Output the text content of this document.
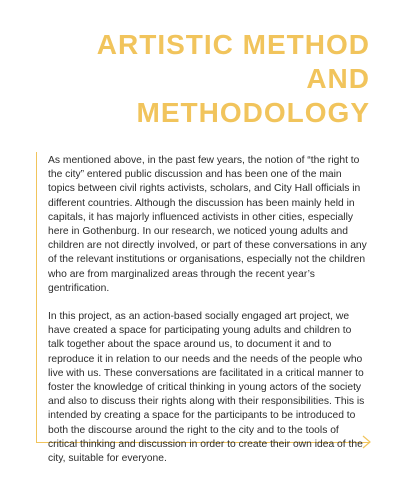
ARTISTIC METHOD
AND
METHODOLOGY

As mentioned above, in the past few years, the notion of “the right to the city” entered public discussion and has been one of the main topics between civil rights activists, scholars, and City Hall officials in different countries. Although the discussion has been mainly held in capitals, it has majorly influenced activists in other cities, especially here in Gothenburg. In our research, we noticed young adults and children are not directly involved, or part of these conversations in any of the relevant institutions or organisations, especially not the children who are from marginalized areas through the recent year’s gentrification.

In this project, as an action-based socially engaged art project, we have created a space for participating young adults and children to talk together about the space around us, to document it and to reproduce it in relation to our needs and the needs of the people who live with us. These conversations are facilitated in a critical manner to foster the knowledge of critical thinking in young actors of the society and also to discuss their rights along with their responsibilities. This is intended by creating a space for the participants to be introduced to both the discourse around the right to the city and to the tools of critical thinking and discussion in order to create their own idea of the city, suitable for everyone.
